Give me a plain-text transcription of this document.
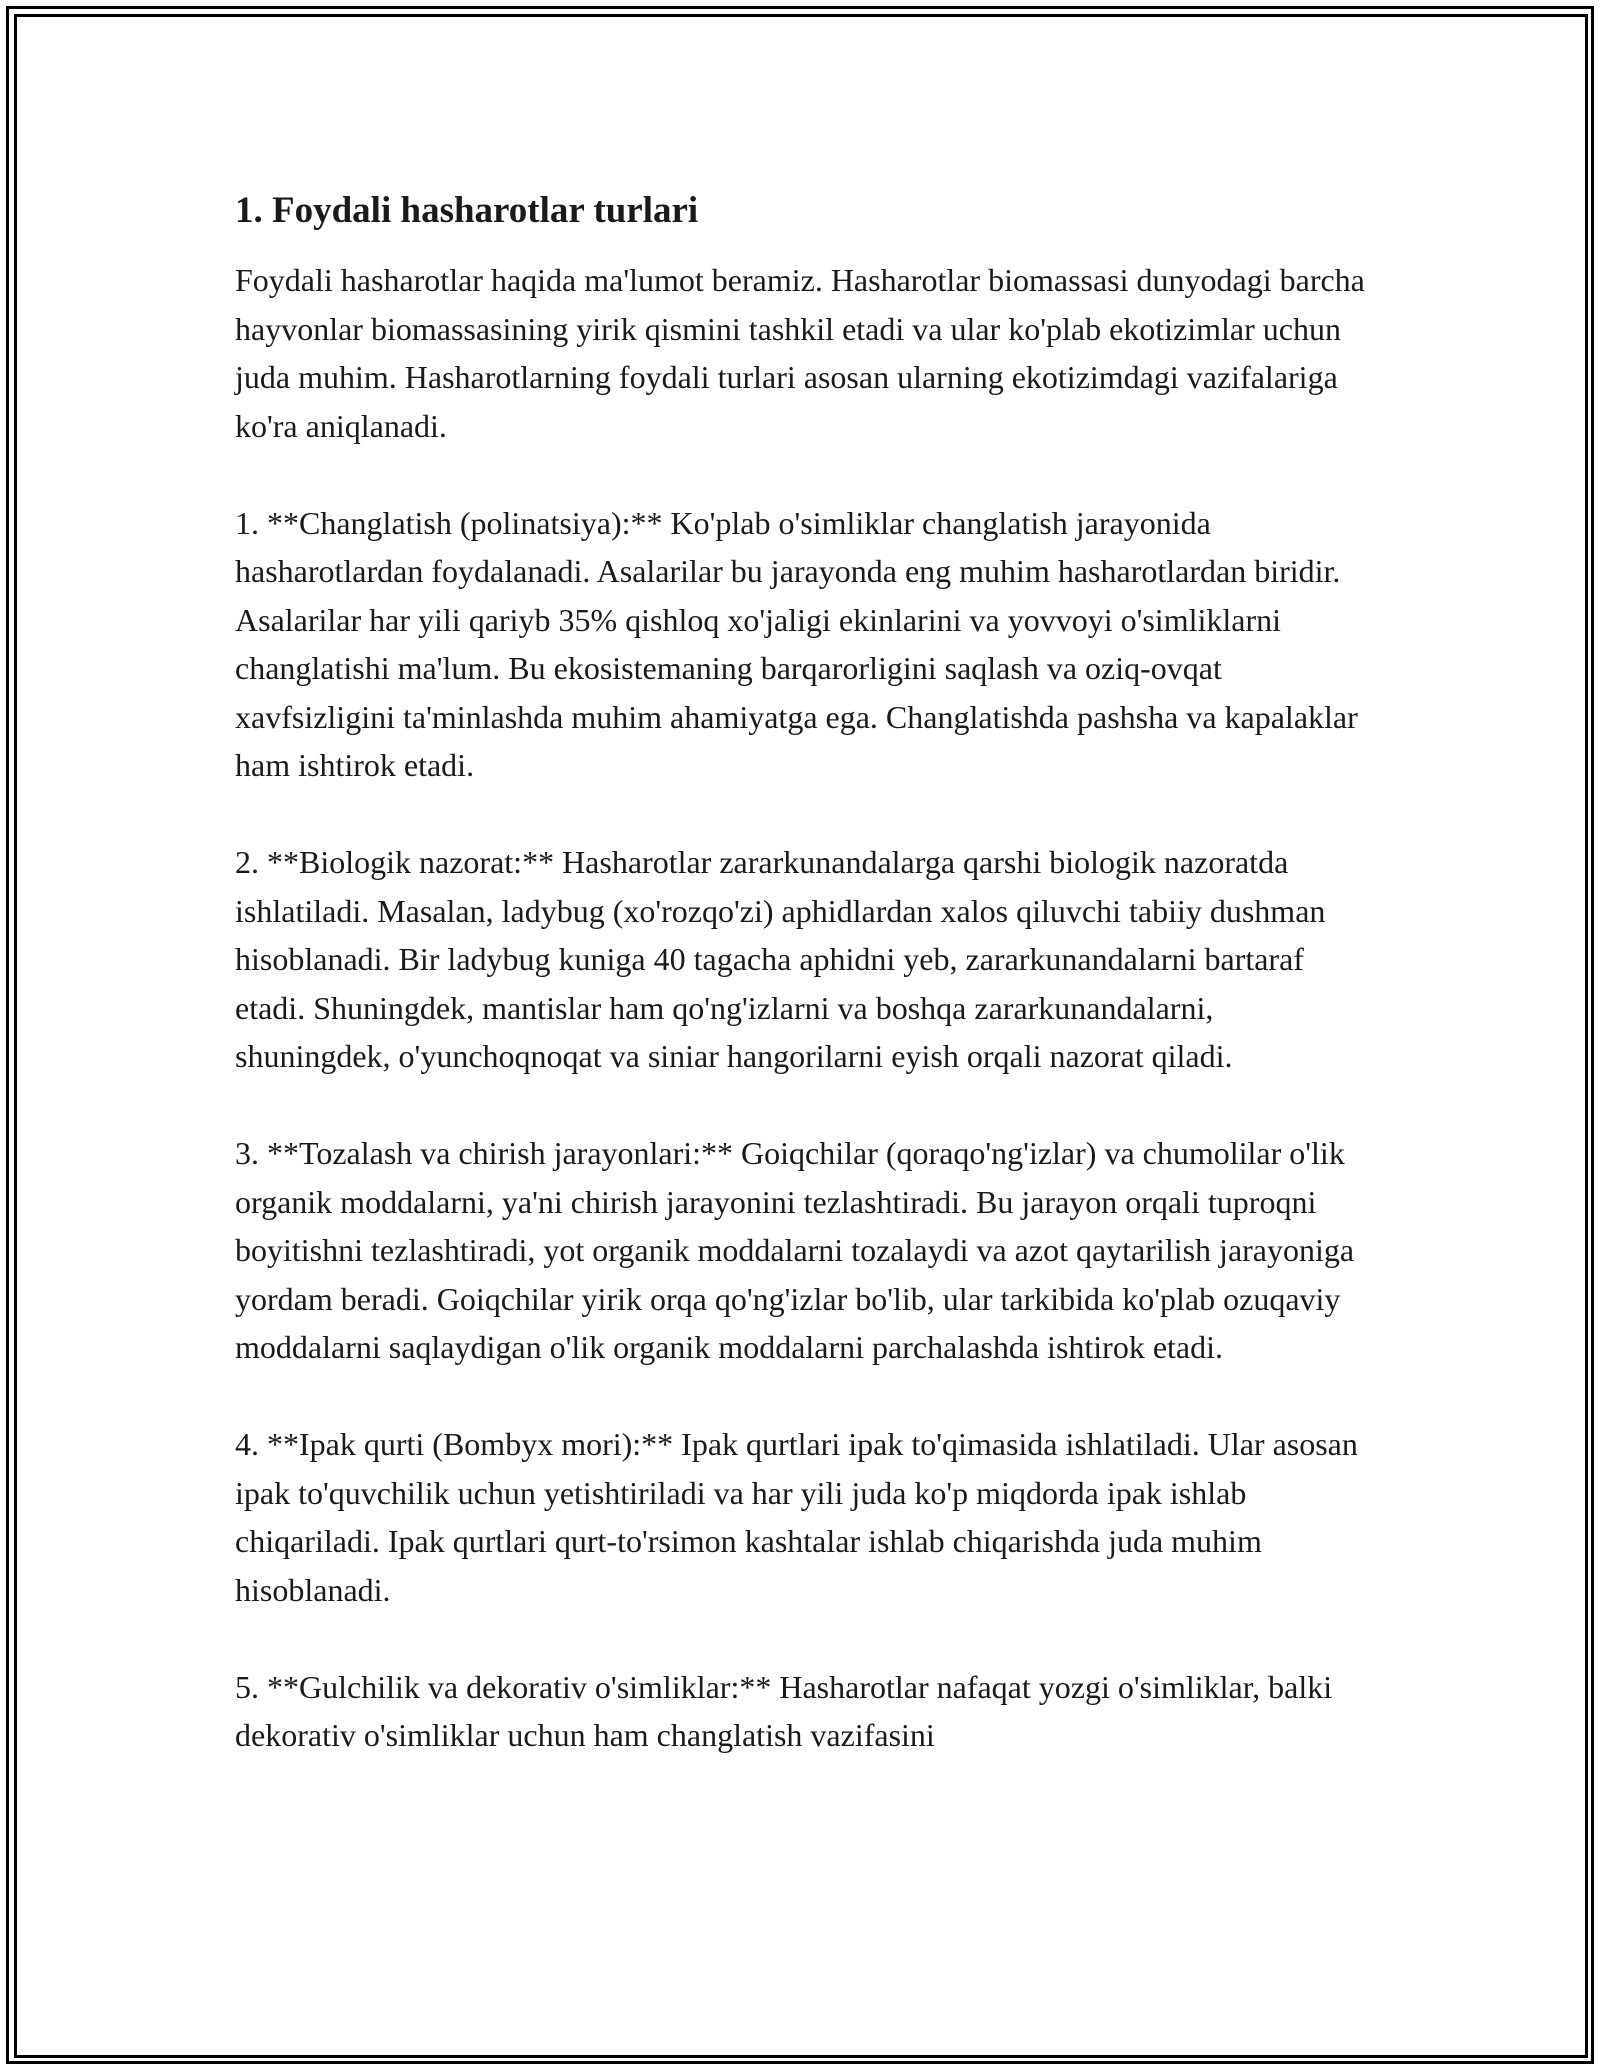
1. Foydali hasharotlar turlari

Foydali hasharotlar haqida ma'lumot beramiz. Hasharotlar biomassasi dunyodagi barcha hayvonlar biomassasining yirik qismini tashkil etadi va ular ko'plab ekotizimlar uchun juda muhim. Hasharotlarning foydali turlari asosan ularning ekotizimdagi vazifalariga ko'ra aniqlanadi.

1. **Changlatish (polinatsiya):** Ko'plab o'simliklar changlatish jarayonida hasharotlardan foydalanadi. Asalarilar bu jarayonda eng muhim hasharotlardan biridir. Asalarilar har yili qariyb 35% qishloq xo'jaligi ekinlarini va yovvoyi o'simliklarni changlatishi ma'lum. Bu ekosistemaning barqarorligini saqlash va oziq-ovqat xavfsizligini ta'minlashda muhim ahamiyatga ega. Changlatishda pashsha va kapalaklar ham ishtirok etadi.

2. **Biologik nazorat:** Hasharotlar zararkunandalarga qarshi biologik nazoratda ishlatiladi. Masalan, ladybug (xo'rozqo'zi) aphidlardan xalos qiluvchi tabiiy dushman hisoblanadi. Bir ladybug kuniga 40 tagacha aphidni yeb, zararkunandalarni bartaraf etadi. Shuningdek, mantislar ham qo'ng'izlarni va boshqa zararkunandalarni, shuningdek, o'yunchoqnoqat va siniar hangorilarni eyish orqali nazorat qiladi.

3. **Tozalash va chirish jarayonlari:** Goiqchilar (qoraqo'ng'izlar) va chumolilar o'lik organik moddalarni, ya'ni chirish jarayonini tezlashtiradi. Bu jarayon orqali tuproqni boyitishni tezlashtiradi, yot organik moddalarni tozalaydi va azot qaytarilish jarayoniga yordam beradi. Goiqchilar yirik orqa qo'ng'izlar bo'lib, ular tarkibida ko'plab ozuqaviy moddalarni saqlaydigan o'lik organik moddalarni parchalashda ishtirok etadi.

4. **Ipak qurti (Bombyx mori):** Ipak qurtlari ipak to'qimasida ishlatiladi. Ular asosan ipak to'quvchilik uchun yetishtiriladi va har yili juda ko'p miqdorda ipak ishlab chiqariladi. Ipak qurtlari qurt-to'rsimon kashtalar ishlab chiqarishda juda muhim hisoblanadi.

5. **Gulchilik va dekorativ o'simliklar:** Hasharotlar nafaqat yozgi o'simliklar, balki dekorativ o'simliklar uchun ham changlatish vazifasini
